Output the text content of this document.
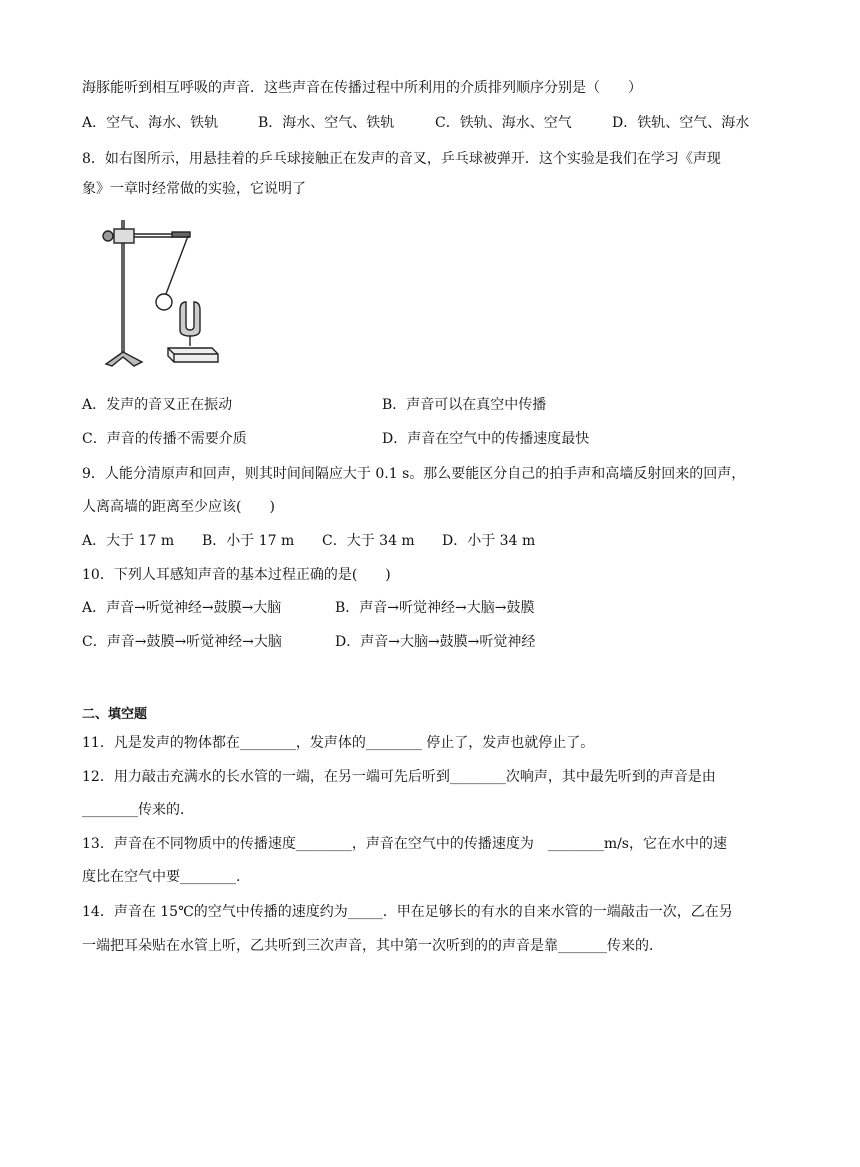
海豚能听到相互呼吸的声音．这些声音在传播过程中所利用的介质排列顺序分别是（　　）
A．空气、海水、铁轨	B．海水、空气、铁轨	C．铁轨、海水、空气	D．铁轨、空气、海水
8．如右图所示，用悬挂着的乒乓球接触正在发声的音叉，乒乓球被弹开．这个实验是我们在学习《声现
象》一章时经常做的实验，它说明了
A．发声的音叉正在振动	B．声音可以在真空中传播
C．声音的传播不需要介质	D．声音在空气中的传播速度最快
9．人能分清原声和回声，则其时间间隔应大于 0.1 s。那么要能区分自己的拍手声和高墙反射回来的回声，
人离高墙的距离至少应该(　　)
A．大于 17 m B．小于 17 m C．大于 34 m D．小于 34 m
10．下列人耳感知声音的基本过程正确的是(　　)
A．声音→听觉神经→鼓膜→大脑	B．声音→听觉神经→大脑→鼓膜
C．声音→鼓膜→听觉神经→大脑	D．声音→大脑→鼓膜→听觉神经
二、填空题
11．凡是发声的物体都在________，发声体的________ 停止了，发声也就停止了。
12．用力敲击充满水的长水管的一端，在另一端可先后听到________次响声，其中最先听到的声音是由
________传来的．
13．声音在不同物质中的传播速度________，声音在空气中的传播速度为　________m/s，它在水中的速
度比在空气中要________.
14．声音在 15℃的空气中传播的速度约为_____．甲在足够长的有水的自来水管的一端敲击一次，乙在另
一端把耳朵贴在水管上听，乙共听到三次声音，其中第一次听到的的声音是靠_______传来的．
